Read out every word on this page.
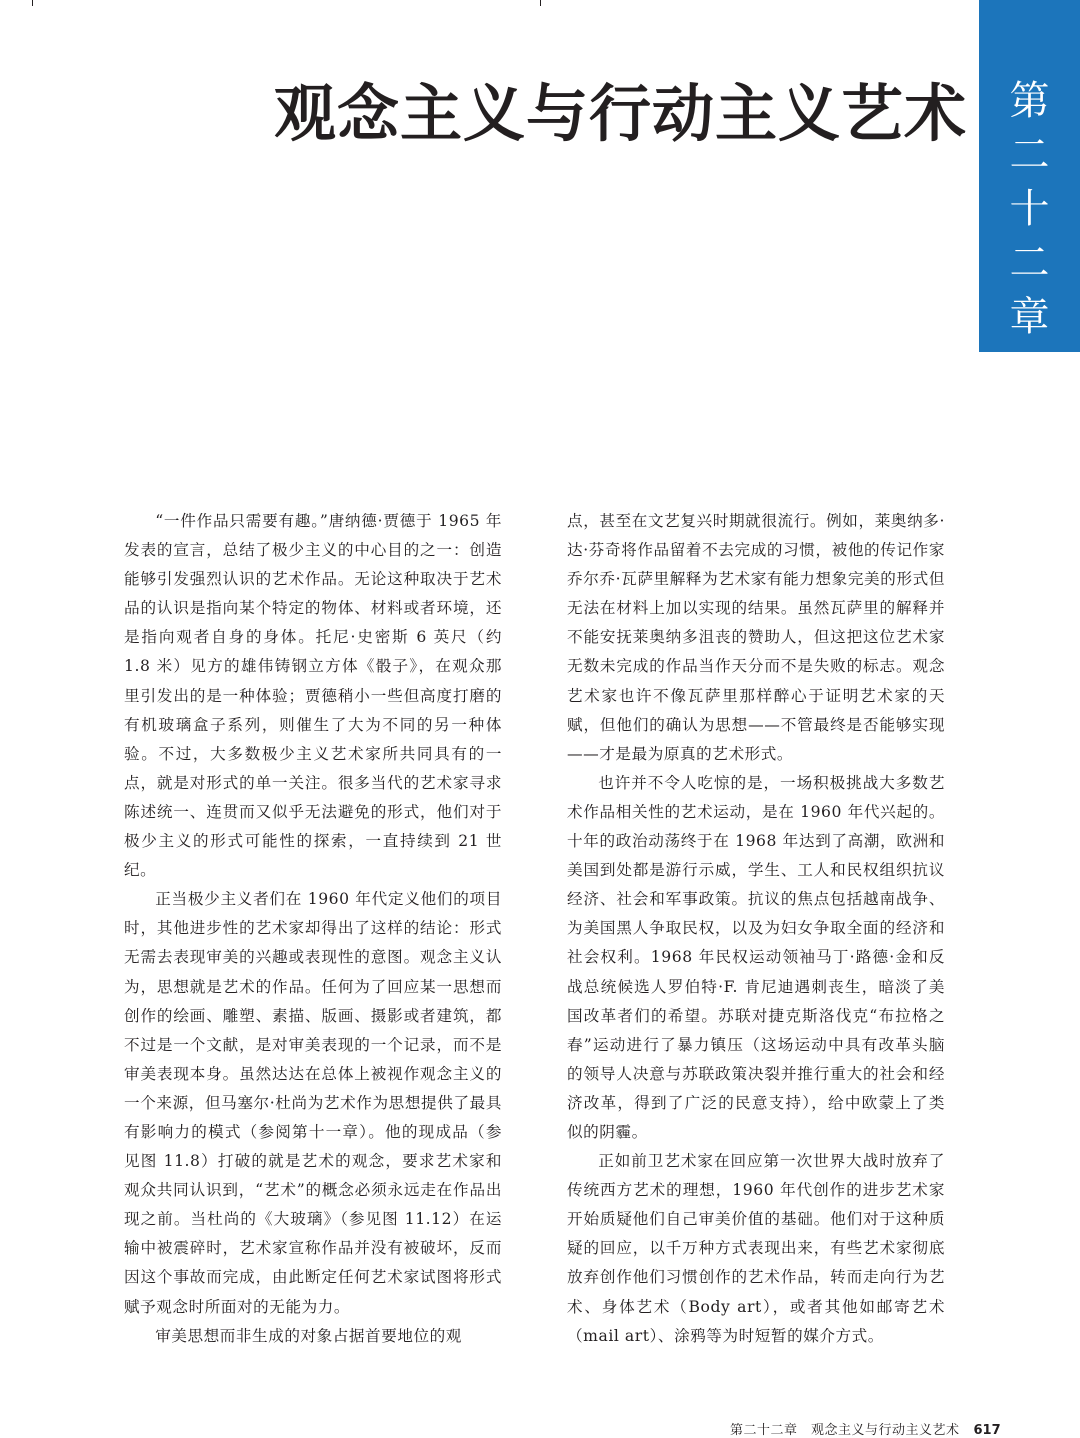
第
二
十
二
章
观念主义与行动主义艺术

“一件作品只需要有趣。”唐纳德·贾德于 1965 年发表的宣言，总结了极少主义的中心目的之一：创造能够引发强烈认识的艺术作品。无论这种取决于艺术品的认识是指向某个特定的物体、材料或者环境，还是指向观者自身的身体。托尼·史密斯 6 英尺（约 1.8 米）见方的雄伟铸钢立方体《骰子》，在观众那里引发出的是一种体验；贾德稍小一些但高度打磨的有机玻璃盒子系列，则催生了大为不同的另一种体验。不过，大多数极少主义艺术家所共同具有的一点，就是对形式的单一关注。很多当代的艺术家寻求陈述统一、连贯而又似乎无法避免的形式，他们对于极少主义的形式可能性的探索，一直持续到 21 世纪。

正当极少主义者们在 1960 年代定义他们的项目时，其他进步性的艺术家却得出了这样的结论：形式无需去表现审美的兴趣或表现性的意图。观念主义认为，思想就是艺术的作品。任何为了回应某一思想而创作的绘画、雕塑、素描、版画、摄影或者建筑，都不过是一个文献，是对审美表现的一个记录，而不是审美表现本身。虽然达达在总体上被视作观念主义的一个来源，但马塞尔·杜尚为艺术作为思想提供了最具有影响力的模式（参阅第十一章）。他的现成品（参见图 11.8）打破的就是艺术的观念，要求艺术家和观众共同认识到，“艺术”的概念必须永远走在作品出现之前。当杜尚的《大玻璃》（参见图 11.12）在运输中被震碎时，艺术家宣称作品并没有被破坏，反而因这个事故而完成，由此断定任何艺术家试图将形式赋予观念时所面对的无能为力。

审美思想而非生成的对象占据首要地位的观

点，甚至在文艺复兴时期就很流行。例如，莱奥纳多·达·芬奇将作品留着不去完成的习惯，被他的传记作家乔尔乔·瓦萨里解释为艺术家有能力想象完美的形式但无法在材料上加以实现的结果。虽然瓦萨里的解释并不能安抚莱奥纳多沮丧的赞助人，但这把这位艺术家无数未完成的作品当作天分而不是失败的标志。观念艺术家也许不像瓦萨里那样醉心于证明艺术家的天赋，但他们的确认为思想——不管最终是否能够实现——才是最为原真的艺术形式。

也许并不令人吃惊的是，一场积极挑战大多数艺术作品相关性的艺术运动，是在 1960 年代兴起的。十年的政治动荡终于在 1968 年达到了高潮，欧洲和美国到处都是游行示威，学生、工人和民权组织抗议经济、社会和军事政策。抗议的焦点包括越南战争、为美国黑人争取民权，以及为妇女争取全面的经济和社会权利。1968 年民权运动领袖马丁·路德·金和反战总统候选人罗伯特·F. 肯尼迪遇刺丧生，暗淡了美国改革者们的希望。苏联对捷克斯洛伐克“布拉格之春”运动进行了暴力镇压（这场运动中具有改革头脑的领导人决意与苏联政策决裂并推行重大的社会和经济改革，得到了广泛的民意支持），给中欧蒙上了类似的阴霾。

正如前卫艺术家在回应第一次世界大战时放弃了传统西方艺术的理想，1960 年代创作的进步艺术家开始质疑他们自己审美价值的基础。他们对于这种质疑的回应，以千万种方式表现出来，有些艺术家彻底放弃创作他们习惯创作的艺术作品，转而走向行为艺术、身体艺术（Body art），或者其他如邮寄艺术（mail art）、涂鸦等为时短暂的媒介方式。

第二十二章　观念主义与行动主义艺术 617
